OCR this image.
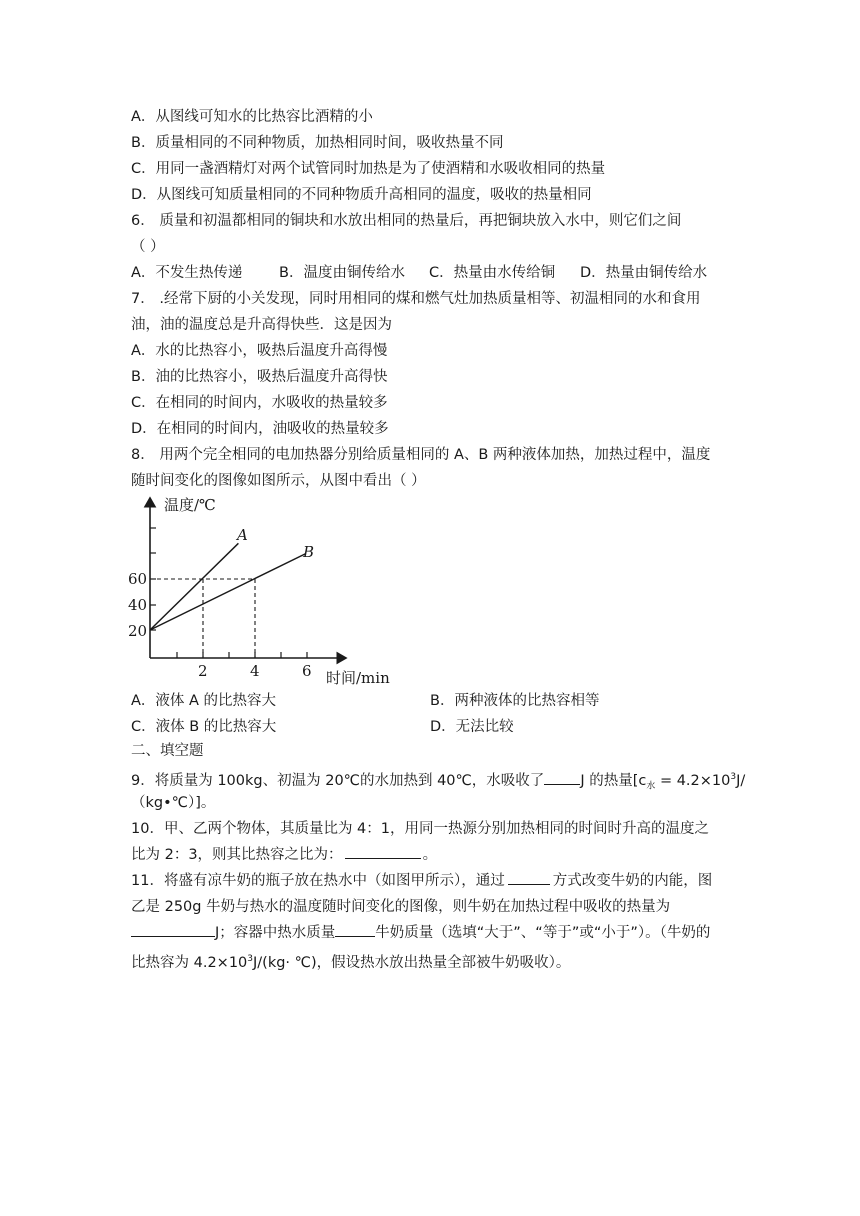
A．从图线可知水的比热容比酒精的小
B．质量相同的不同种物质，加热相同时间，吸收热量不同
C．用同一盏酒精灯对两个试管同时加热是为了使酒精和水吸收相同的热量
D．从图线可知质量相同的不同种物质升高相同的温度，吸收的热量相同
6． 质量和初温都相同的铜块和水放出相同的热量后，再把铜块放入水中，则它们之间
（ ）
A．不发生热传递	B．温度由铜传给水 C．热量由水传给铜 D．热量由铜传给水
7． .经常下厨的小关发现，同时用相同的煤和燃气灶加热质量相等、初温相同的水和食用
油，油的温度总是升高得快些．这是因为
A．水的比热容小，吸热后温度升高得慢
B．油的比热容小，吸热后温度升高得快
C．在相同的时间内，水吸收的热量较多
D．在相同的时间内，油吸收的热量较多
8． 用两个完全相同的电加热器分别给质量相同的 A、B 两种液体加热，加热过程中，温度
随时间变化的图像如图所示，从图中看出（ ）
温度/℃
时间/min
20
40
60
2	4	6
A
B
A．液体 A 的比热容大	B．两种液体的比热容相等
C．液体 B 的比热容大	D．无法比较
二、填空题
9．将质量为 100kg、初温为 20℃的水加热到 40℃，水吸收了 J 的热量[$c_水 = 4.2\times 10^3J/$
（kg•℃）]。
10．甲、乙两个物体，其质量比为 4：1，用同一热源分别加热相同的时间时升高的温度之
比为 2：3，则其比热容之比为：	。
11．将盛有凉牛奶的瓶子放在热水中（如图甲所示），通过	方式改变牛奶的内能，图
乙是 250g 牛奶与热水的温度随时间变化的图像，则牛奶在加热过程中吸收的热量为
J；容器中热水质量	牛奶质量（选填“大于”、“等于”或“小于”）。（牛奶的
比热容为 $4.2\times 10^3J/(kg\cdot$ ℃)，假设热水放出热量全部被牛奶吸收）。
